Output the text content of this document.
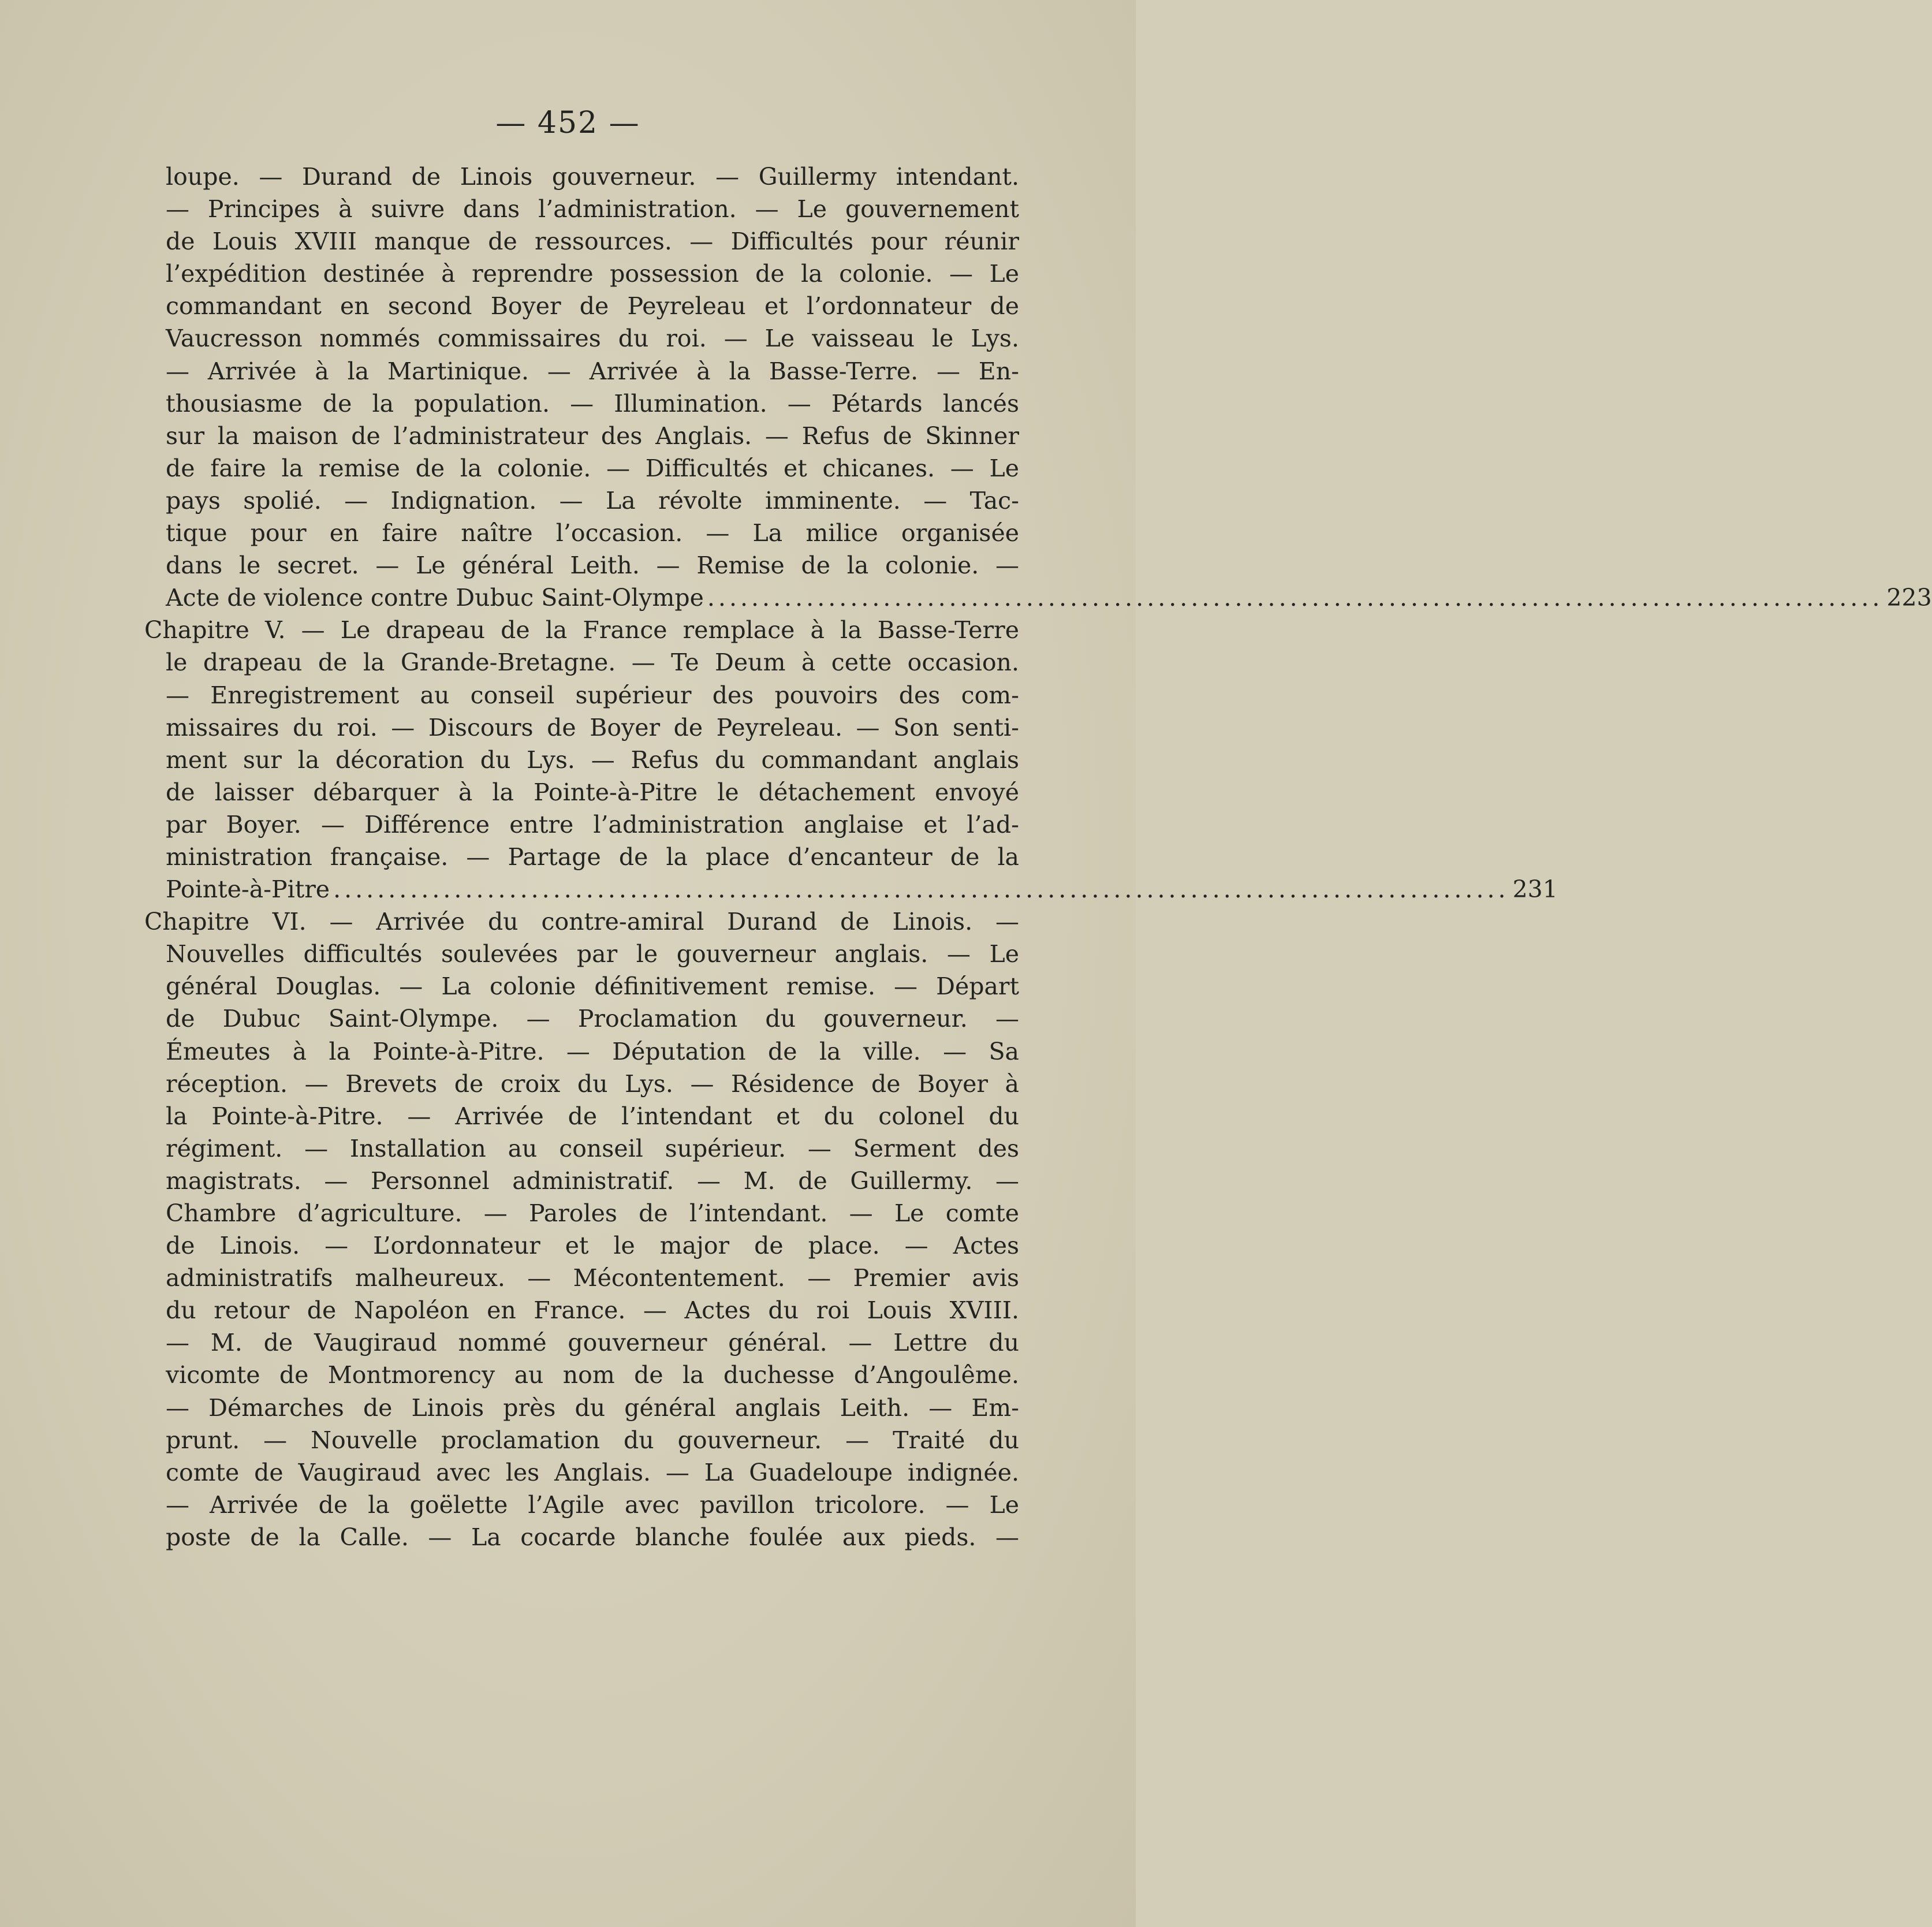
— 452 —
loupe. — Durand de Linois gouverneur. — Guillermy intendant.
— Principes à suivre dans l’administration. — Le gouvernement
de Louis XVIII manque de ressources. — Difficultés pour réunir
l’expédition destinée à reprendre possession de la colonie. — Le
commandant en second Boyer de Peyreleau et l’ordonnateur de
Vaucresson nommés commissaires du roi. — Le vaisseau le Lys.
— Arrivée à la Martinique. — Arrivée à la Basse-Terre. — En-
thousiasme de la population. — Illumination. — Pétards lancés
sur la maison de l’administrateur des Anglais. — Refus de Skinner
de faire la remise de la colonie. — Difficultés et chicanes. — Le
pays spolié. — Indignation. — La révolte imminente. — Tac-
tique pour en faire naître l’occasion. — La milice organisée
dans le secret. — Le général Leith. — Remise de la colonie. —
Acte de violence contre Dubuc Saint-Olympe ........................................................................................................... 223
Chapitre V. — Le drapeau de la France remplace à la Basse-Terre
le drapeau de la Grande-Bretagne. — Te Deum à cette occasion.
— Enregistrement au conseil supérieur des pouvoirs des com-
missaires du roi. — Discours de Boyer de Peyreleau. — Son senti-
ment sur la décoration du Lys. — Refus du commandant anglais
de laisser débarquer à la Pointe-à-Pitre le détachement envoyé
par Boyer. — Différence entre l’administration anglaise et l’ad-
ministration française. — Partage de la place d’encanteur de la
Pointe-à-Pitre ........................................................................................................... 231
Chapitre VI. — Arrivée du contre-amiral Durand de Linois. —
Nouvelles difficultés soulevées par le gouverneur anglais. — Le
général Douglas. — La colonie définitivement remise. — Départ
de Dubuc Saint-Olympe. — Proclamation du gouverneur. —
Émeutes à la Pointe-à-Pitre. — Députation de la ville. — Sa
réception. — Brevets de croix du Lys. — Résidence de Boyer à
la Pointe-à-Pitre. — Arrivée de l’intendant et du colonel du
régiment. — Installation au conseil supérieur. — Serment des
magistrats. — Personnel administratif. — M. de Guillermy. —
Chambre d’agriculture. — Paroles de l’intendant. — Le comte
de Linois. — L’ordonnateur et le major de place. — Actes
administratifs malheureux. — Mécontentement. — Premier avis
du retour de Napoléon en France. — Actes du roi Louis XVIII.
— M. de Vaugiraud nommé gouverneur général. — Lettre du
vicomte de Montmorency au nom de la duchesse d’Angoulême.
— Démarches de Linois près du général anglais Leith. — Em-
prunt. — Nouvelle proclamation du gouverneur. — Traité du
comte de Vaugiraud avec les Anglais. — La Guadeloupe indignée.
— Arrivée de la goëlette l’Agile avec pavillon tricolore. — Le
poste de la Calle. — La cocarde blanche foulée aux pieds. —
